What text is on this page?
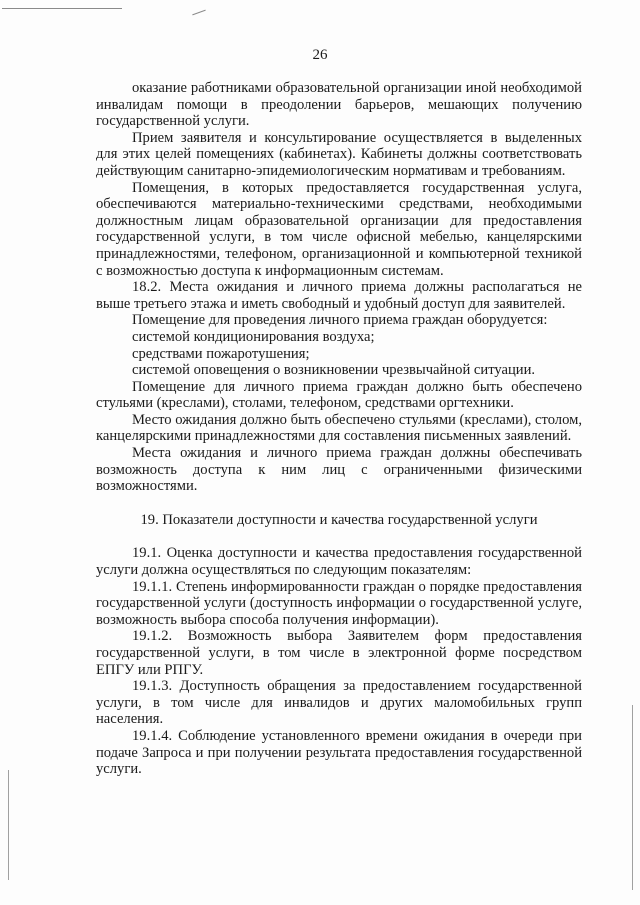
26

оказание работниками образовательной организации иной необходимой инвалидам помощи в преодолении барьеров, мешающих получению государственной услуги.

Прием заявителя и консультирование осуществляется в выделенных для этих целей помещениях (кабинетах). Кабинеты должны соответствовать действующим санитарно-эпидемиологическим нормативам и требованиям.

Помещения, в которых предоставляется государственная услуга, обеспечиваются материально-техническими средствами, необходимыми должностным лицам образовательной организации для предоставления государственной услуги, в том числе офисной мебелью, канцелярскими принадлежностями, телефоном, организационной и компьютерной техникой с возможностью доступа к информационным системам.

18.2. Места ожидания и личного приема должны располагаться не выше третьего этажа и иметь свободный и удобный доступ для заявителей.

Помещение для проведения личного приема граждан оборудуется:

системой кондиционирования воздуха;

средствами пожаротушения;

системой оповещения о возникновении чрезвычайной ситуации.

Помещение для личного приема граждан должно быть обеспечено стульями (креслами), столами, телефоном, средствами оргтехники.

Место ожидания должно быть обеспечено стульями (креслами), столом, канцелярскими принадлежностями для составления письменных заявлений.

Места ожидания и личного приема граждан должны обеспечивать возможность доступа к ним лиц с ограниченными физическими возможностями.

19. Показатели доступности и качества государственной услуги

19.1. Оценка доступности и качества предоставления государственной услуги должна осуществляться по следующим показателям:

19.1.1. Степень информированности граждан о порядке предоставления государственной услуги (доступность информации о государственной услуге, возможность выбора способа получения информации).

19.1.2. Возможность выбора Заявителем форм предоставления государственной услуги, в том числе в электронной форме посредством ЕПГУ или РПГУ.

19.1.3. Доступность обращения за предоставлением государственной услуги, в том числе для инвалидов и других маломобильных групп населения.

19.1.4. Соблюдение установленного времени ожидания в очереди при подаче Запроса и при получении результата предоставления государственной услуги.
